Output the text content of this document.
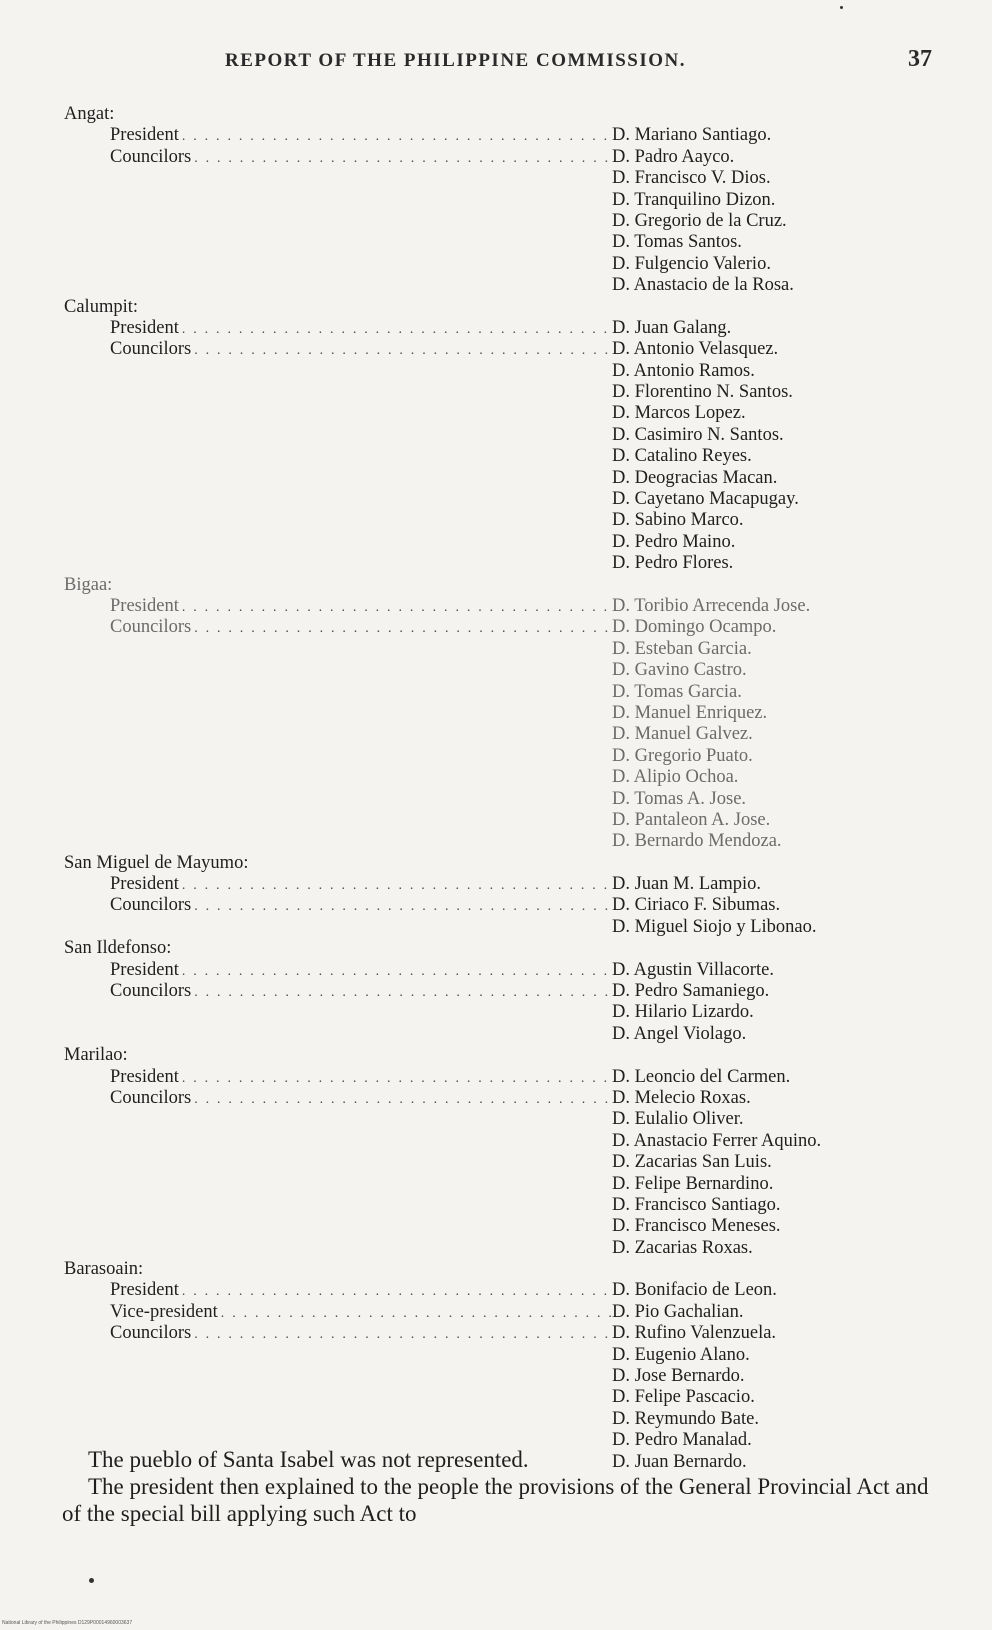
REPORT OF THE PHILIPPINE COMMISSION.	37
Angat:
President . . .	D. Mariano Santiago.
Councilors . . .	D. Padro Aayco.
D. Francisco V. Dios.
D. Tranquilino Dizon.
D. Gregorio de la Cruz.
D. Tomas Santos.
D. Fulgencio Valerio.
D. Anastacio de la Rosa.
Calumpit:
President . . .	D. Juan Galang.
Councilors . . .	D. Antonio Velasquez.
D. Antonio Ramos.
D. Florentino N. Santos.
D. Marcos Lopez.
D. Casimiro N. Santos.
D. Catalino Reyes.
D. Deogracias Macan.
D. Cayetano Macapugay.
D. Sabino Marco.
D. Pedro Maino.
D. Pedro Flores.
Bigaa:
President . . .	D. Toribio Arrecenda Jose.
Councilors . . .	D. Domingo Ocampo.
D. Esteban Garcia.
D. Gavino Castro.
D. Tomas Garcia.
D. Manuel Enriquez.
D. Manuel Galvez.
D. Gregorio Puato.
D. Alipio Ochoa.
D. Tomas A. Jose.
D. Pantaleon A. Jose.
D. Bernardo Mendoza.
San Miguel de Mayumo:
President . . .	D. Juan M. Lampio.
Councilors . . .	D. Ciriaco F. Sibumas.
D. Miguel Siojo y Libonao.
San Ildefonso:
President . . .	D. Agustin Villacorte.
Councilors . . .	D. Pedro Samaniego.
D. Hilario Lizardo.
D. Angel Violago.
Marilao:
President . . .	D. Leoncio del Carmen.
Councilors . . .	D. Melecio Roxas.
D. Eulalio Oliver.
D. Anastacio Ferrer Aquino.
D. Zacarias San Luis.
D. Felipe Bernardino.
D. Francisco Santiago.
D. Francisco Meneses.
D. Zacarias Roxas.
Barasoain:
President . . .	D. Bonifacio de Leon.
Vice-president . . .	D. Pio Gachalian.
Councilors . . .	D. Rufino Valenzuela.
D. Eugenio Alano.
D. Jose Bernardo.
D. Felipe Pascacio.
D. Reymundo Bate.
D. Pedro Manalad.
D. Juan Bernardo.

The pueblo of Santa Isabel was not represented.

The president then explained to the people the provisions of the General Provincial Act and of the special bill applying such Act to

National Library of the Philippines D129P00014960003637
